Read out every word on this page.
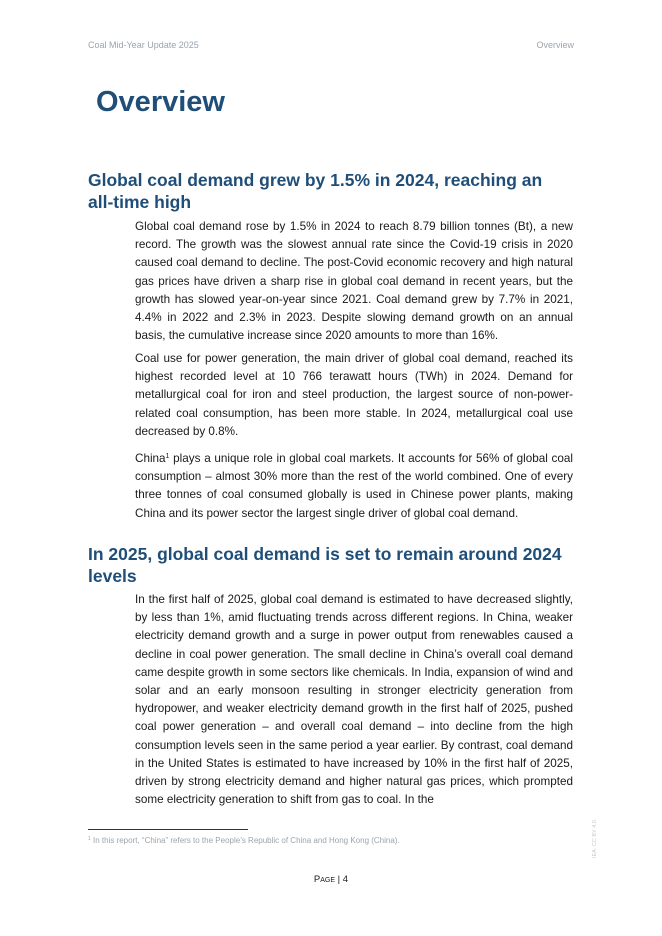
Coal Mid-Year Update 2025	Overview
Overview
Global coal demand grew by 1.5% in 2024, reaching an all-time high

Global coal demand rose by 1.5% in 2024 to reach 8.79 billion tonnes (Bt), a new record. The growth was the slowest annual rate since the Covid-19 crisis in 2020 caused coal demand to decline. The post-Covid economic recovery and high natural gas prices have driven a sharp rise in global coal demand in recent years, but the growth has slowed year-on-year since 2021. Coal demand grew by 7.7% in 2021, 4.4% in 2022 and 2.3% in 2023. Despite slowing demand growth on an annual basis, the cumulative increase since 2020 amounts to more than 16%.

Coal use for power generation, the main driver of global coal demand, reached its highest recorded level at 10 766 terawatt hours (TWh) in 2024. Demand for metallurgical coal for iron and steel production, the largest source of non-power-related coal consumption, has been more stable. In 2024, metallurgical coal use decreased by 0.8%.

China$^1$ plays a unique role in global coal markets. It accounts for 56% of global coal consumption – almost 30% more than the rest of the world combined. One of every three tonnes of coal consumed globally is used in Chinese power plants, making China and its power sector the largest single driver of global coal demand.

In 2025, global coal demand is set to remain around 2024 levels

In the first half of 2025, global coal demand is estimated to have decreased slightly, by less than 1%, amid fluctuating trends across different regions. In China, weaker electricity demand growth and a surge in power output from renewables caused a decline in coal power generation. The small decline in China’s overall coal demand came despite growth in some sectors like chemicals. In India, expansion of wind and solar and an early monsoon resulting in stronger electricity generation from hydropower, and weaker electricity demand growth in the first half of 2025, pushed coal power generation – and overall coal demand – into decline from the high consumption levels seen in the same period a year earlier. By contrast, coal demand in the United States is estimated to have increased by 10% in the first half of 2025, driven by strong electricity demand and higher natural gas prices, which prompted some electricity generation to shift from gas to coal. In the

$^1$ In this report, “China” refers to the People’s Republic of China and Hong Kong (China).
Page | 4
IEA. CC BY 4.0.
